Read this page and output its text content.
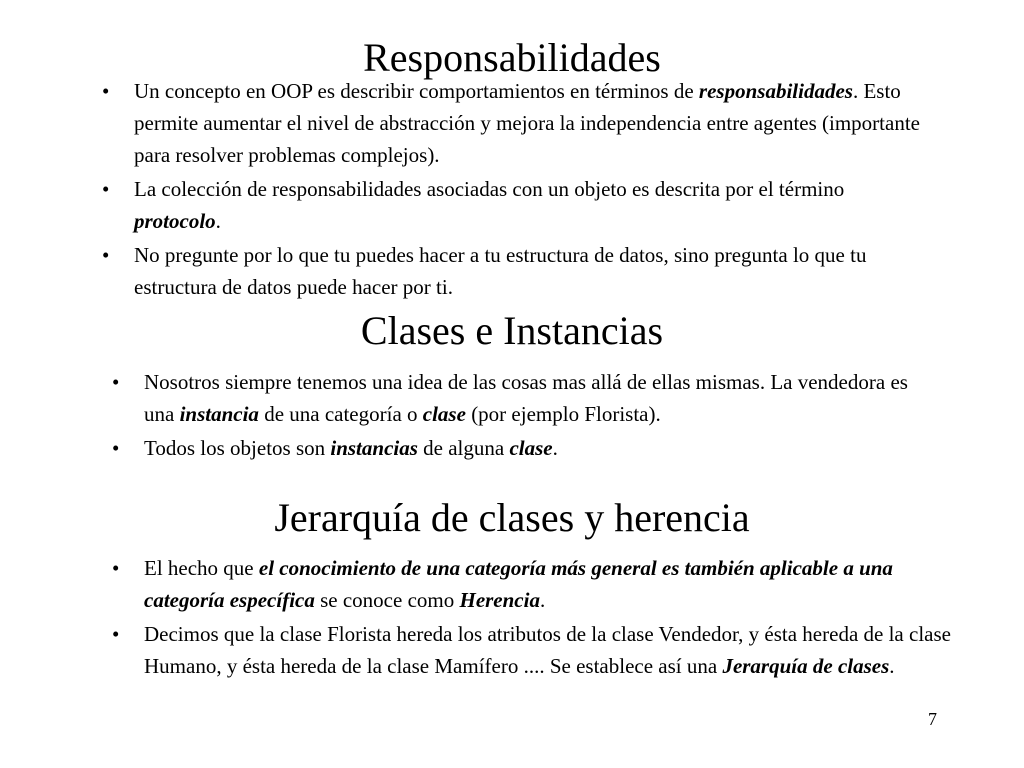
Responsabilidades
• Un concepto en OOP es describir comportamientos en términos de responsabilidades. Esto permite aumentar el nivel de abstracción y mejora la independencia entre agentes (importante para resolver problemas complejos).
• La colección de responsabilidades asociadas con un objeto es descrita por el término protocolo.
• No pregunte por lo que tu puedes hacer a tu estructura de datos, sino pregunta lo que tu estructura de datos puede hacer por ti.
Clases e Instancias
• Nosotros siempre tenemos una idea de las cosas mas allá de ellas mismas. La vendedora es una instancia de una categoría o clase (por ejemplo Florista).
• Todos los objetos son instancias de alguna clase.
Jerarquía de clases y herencia
• El hecho que el conocimiento de una categoría más general es también aplicable a una categoría específica se conoce como Herencia.
• Decimos que la clase Florista hereda los atributos de la clase Vendedor, y ésta hereda de la clase Humano, y ésta hereda de la clase Mamífero .... Se establece así una Jerarquía de clases.
7
